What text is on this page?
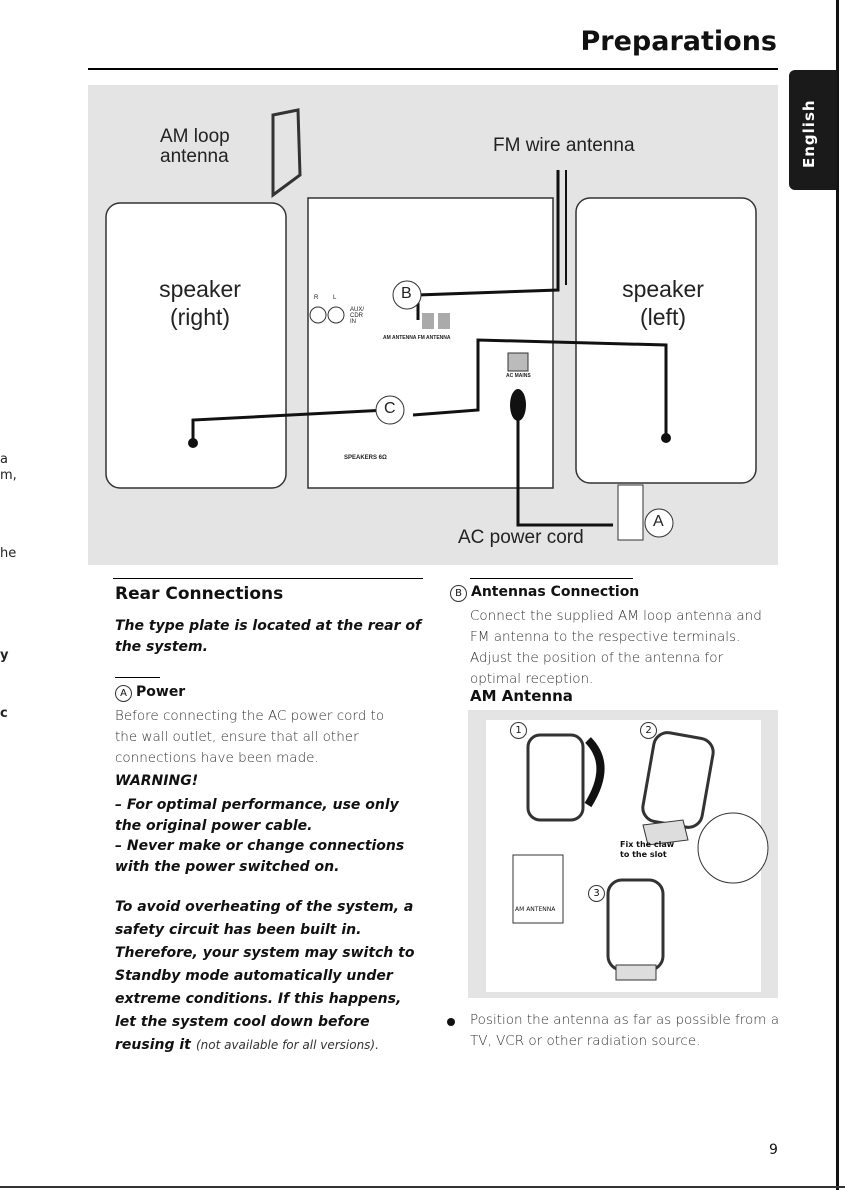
a
m,
he
y
c
Preparations
English
AM loop antenna
FM wire antenna
speaker (right)
speaker (left)
AC power cord
B
C
A
R L
AUX/ CDR IN
AM ANTENNA FM ANTENNA
AC MAINS
SPEAKERS 6Ω
Rear Connections
The type plate is located at the rear of the system.
A Power
Before connecting the AC power cord to the wall outlet, ensure that all other connections have been made.
WARNING!
– For optimal performance, use only the original power cable.
– Never make or change connections with the power switched on.
To avoid overheating of the system, a safety circuit has been built in. Therefore, your system may switch to Standby mode automatically under extreme conditions. If this happens, let the system cool down before reusing it (not available for all versions).
B Antennas Connection
Connect the supplied AM loop antenna and FM antenna to the respective terminals. Adjust the position of the antenna for optimal reception.
AM Antenna
1	2
3
Fix the claw to the slot
AM ANTENNA
Position the antenna as far as possible from a TV, VCR or other radiation source.
9
